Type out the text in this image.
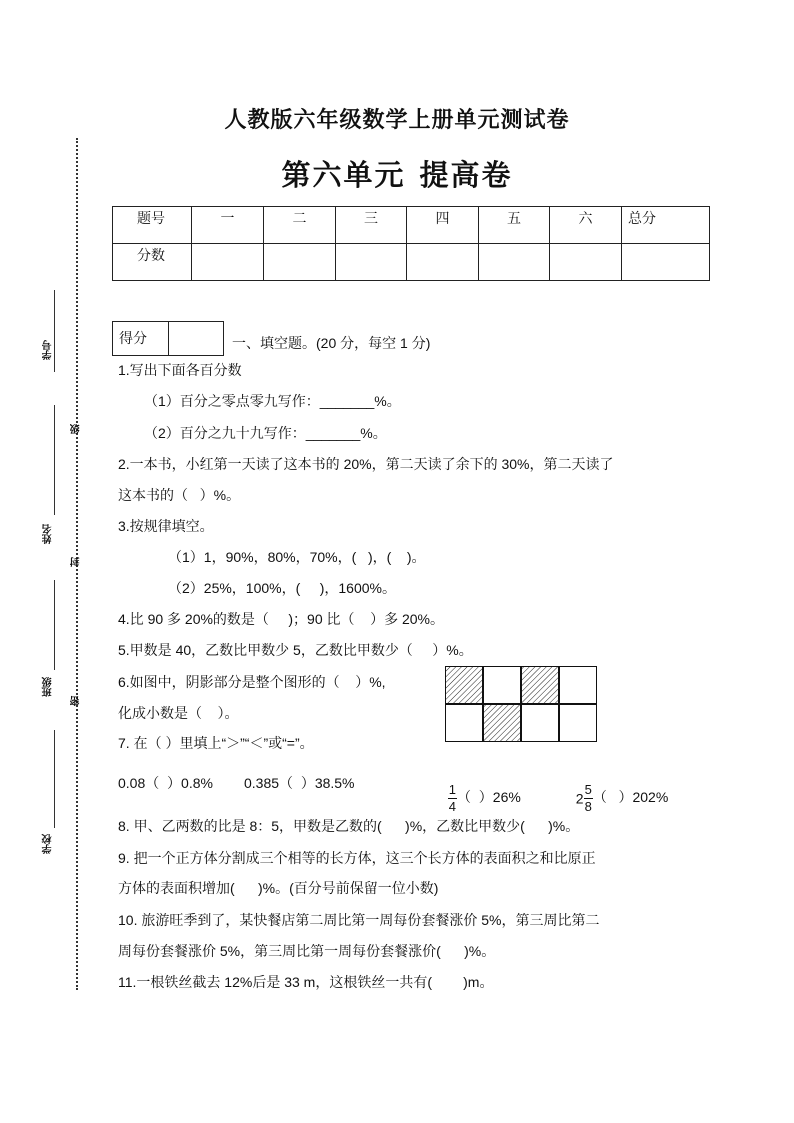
学号
级
姓名
封
班级
密
学校
人教版六年级数学上册单元测试卷
第六单元 提高卷
题号	一	二	三	四	五	六	总分
分数							
得分	一、填空题。(20 分，每空 1 分)
1.写出下面各百分数
（1）百分之零点零九写作：_______%。
（2）百分之九十九写作：_______%。
2.一本书，小红第一天读了这本书的 20%，第二天读了余下的 30%，第二天读了
这本书的（   ）%。
3.按规律填空。
（1）1，90%，80%，70%，(   )，(    )。
（2）25%，100%，(     )，1600%。
4.比 90 多 20%的数是（     )；90 比（    ）多 20%。
5.甲数是 40，乙数比甲数少 5，乙数比甲数少（     ）%。
6.如图中，阴影部分是整个图形的（    ）%,
化成小数是（    ）。
7. 在（ ）里填上“＞”“＜”或“=”。
0.08（  ）0.8% 0.385（  ）38.5%

	$\frac{1}{4}$ （  ）26%	$2 \frac{5}{8}$ （   ）202%

8. 甲、乙两数的比是 8：5，甲数是乙数的(      )%，乙数比甲数少(      )%。
9. 把一个正方体分割成三个相等的长方体，这三个长方体的表面积之和比原正
方体的表面积增加(      )%。(百分号前保留一位小数)
10. 旅游旺季到了，某快餐店第二周比第一周每份套餐涨价 5%，第三周比第二
周每份套餐涨价 5%，第三周比第一周每份套餐涨价(      )%。
11.一根铁丝截去 12%后是 33 m，这根铁丝一共有(        )m。
